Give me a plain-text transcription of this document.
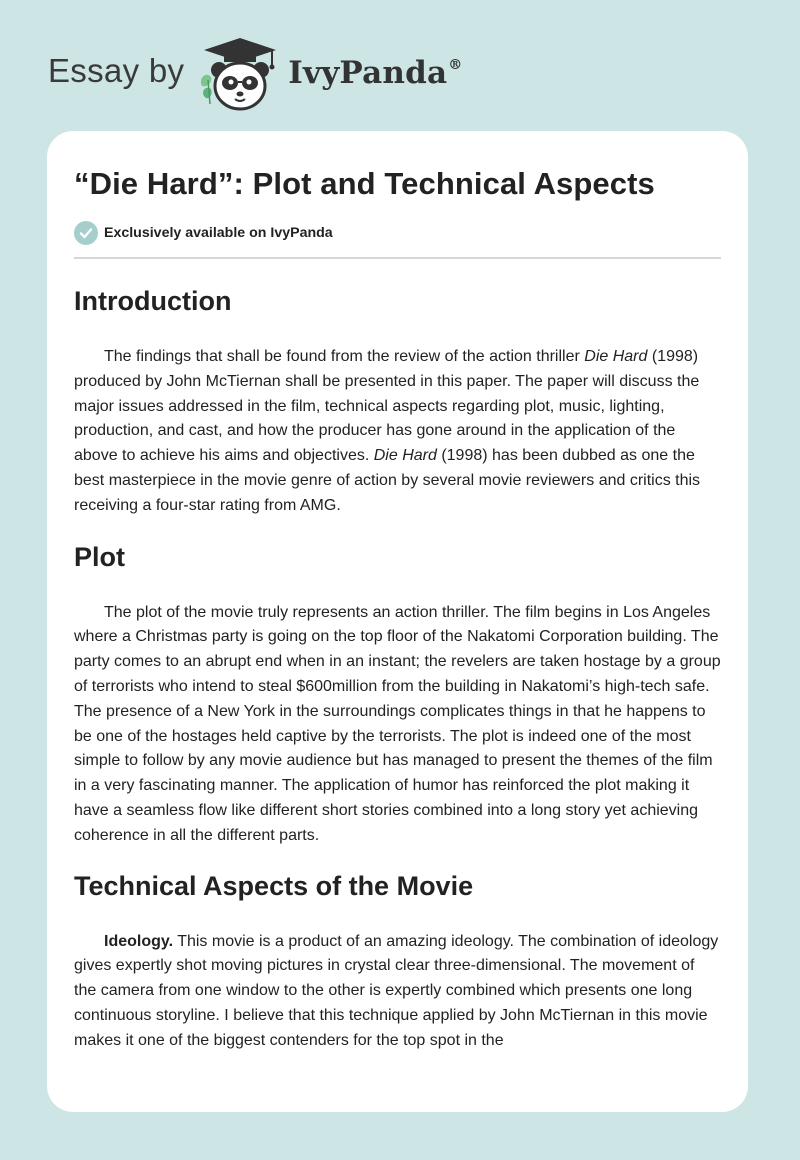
Essay by	IvyPanda®
“Die Hard”: Plot and Technical Aspects
Exclusively available on IvyPanda
Introduction

The findings that shall be found from the review of the action thriller Die Hard (1998) produced by John McTiernan shall be presented in this paper. The paper will discuss the major issues addressed in the film, technical aspects regarding plot, music, lighting, production, and cast, and how the producer has gone around in the application of the above to achieve his aims and objectives. Die Hard (1998) has been dubbed as one the best masterpiece in the movie genre of action by several movie reviewers and critics this receiving a four-star rating from AMG.

Plot

The plot of the movie truly represents an action thriller. The film begins in Los Angeles where a Christmas party is going on the top floor of the Nakatomi Corporation building. The party comes to an abrupt end when in an instant; the revelers are taken hostage by a group of terrorists who intend to steal $600million from the building in Nakatomi’s high-tech safe. The presence of a New York in the surroundings complicates things in that he happens to be one of the hostages held captive by the terrorists. The plot is indeed one of the most simple to follow by any movie audience but has managed to present the themes of the film in a very fascinating manner. The application of humor has reinforced the plot making it have a seamless flow like different short stories combined into a long story yet achieving coherence in all the different parts.

Technical Aspects of the Movie

Ideology. This movie is a product of an amazing ideology. The combination of ideology gives expertly shot moving pictures in crystal clear three-dimensional. The movement of the camera from one window to the other is expertly combined which presents one long continuous storyline. I believe that this technique applied by John McTiernan in this movie makes it one of the biggest contenders for the top spot in the
